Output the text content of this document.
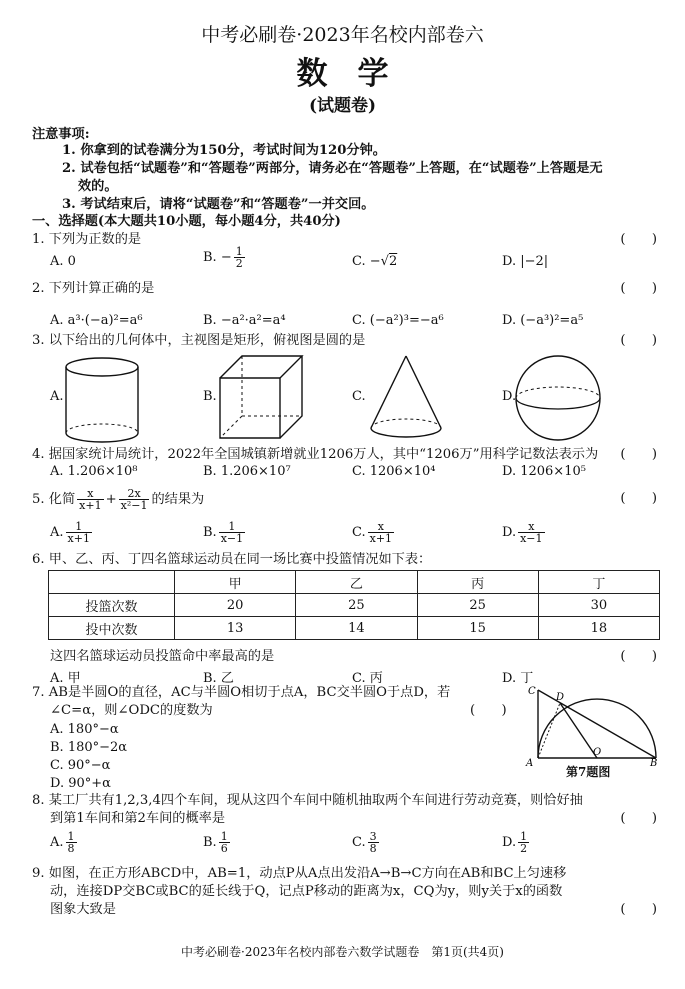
中考必刷卷·2023年名校内部卷六
数学
(试题卷)
注意事项:
1. 你拿到的试卷满分为150分，考试时间为120分钟。
2. 试卷包括“试题卷”和“答题卷”两部分，请务必在“答题卷”上答题，在“试题卷”上答题是无
效的。
3. 考试结束后，请将“试题卷”和“答题卷”一并交回。
一、选择题(本大题共10小题，每小题4分，共40分)
1. 下列为正数的是	(　　)
A. 0	B. − $\frac{1}{2}$	C. −√2	D. |−2|
2. 下列计算正确的是	(　　)
A. a³·(−a)²=a⁶	B. −a²·a²=a⁴	C. (−a²)³=−a⁶	D. (−a³)²=a⁵
3. 以下给出的几何体中，主视图是矩形，俯视图是圆的是	(　　)
A.	B.	C.	D.
4. 据国家统计局统计，2022年全国城镇新增就业1206万人，其中“1206万”用科学记数法表示为 (　　)
A. 1.206×10⁸	B. 1.206×10⁷	C. 1206×10⁴	D. 1206×10⁵
5. 化简 $\frac{x}{x+1} + \frac{2x}{\text{x²−1}}$ 的结果为	(　　)
A. $\frac{1}{x+1}$	B. $\frac{1}{x-1}$	C. $\frac{x}{x+1}$	D. $\frac{x}{x-1}$
6. 甲、乙、丙、丁四名篮球运动员在同一场比赛中投篮情况如下表：
	甲	乙	丙	丁
投篮次数	20	25	25	30
投中次数	13	14	15	18
这四名篮球运动员投篮命中率最高的是	(　　)
A. 甲	B. 乙	C. 丙	D. 丁
7. AB是半圆O的直径，AC与半圆O相切于点A，BC交半圆O于点D，若
∠C=α，则∠ODC的度数为	(　　)
A. 180°−α
B. 180°−2α
C. 90°−α
D. 90°+α
C
D
A
O
B
第7题图
8. 某工厂共有1,2,3,4四个车间，现从这四个车间中随机抽取两个车间进行劳动竞赛，则恰好抽
到第1车间和第2车间的概率是	(　　)
A. $\frac{1}{8}$	B. $\frac{1}{6}$	C. $\frac{3}{8}$	D. $\frac{1}{2}$
9. 如图，在正方形ABCD中，AB=1，动点P从A点出发沿A→B→C方向在AB和BC上匀速移
动，连接DP交BC或BC的延长线于Q，记点P移动的距离为x，CQ为y，则y关于x的函数
图象大致是	(　　)
中考必刷卷·2023年名校内部卷六数学试题卷　第1页(共4页)
